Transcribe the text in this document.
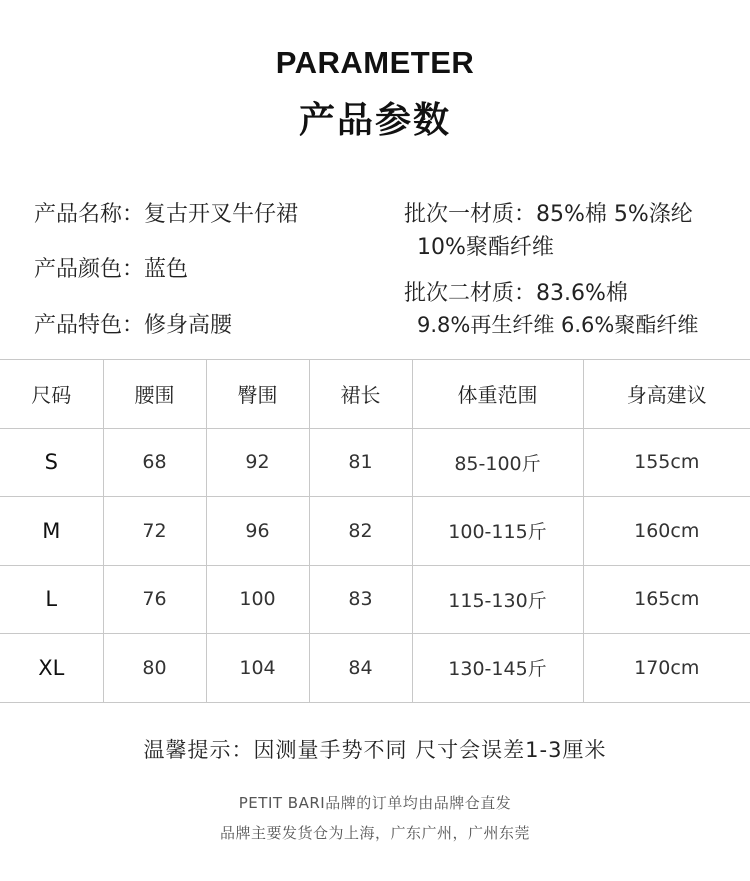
PARAMETER
产品参数
产品名称：复古开叉牛仔裙
产品颜色：蓝色
产品特色：修身高腰
批次一材质：85%棉 5%涤纶
10%聚酯纤维
批次二材质：83.6%棉
9.8%再生纤维 6.6%聚酯纤维
尺码	腰围	臀围	裙长	体重范围	身高建议
S	68	92	81	85-100斤	155cm
M	72	96	82	100-115斤	160cm
L	76	100	83	115-130斤	165cm
XL	80	104	84	130-145斤	170cm
温馨提示：因测量手势不同 尺寸会误差1-3厘米
PETIT BARI品牌的订单均由品牌仓直发
品牌主要发货仓为上海，广东广州，广州东莞
